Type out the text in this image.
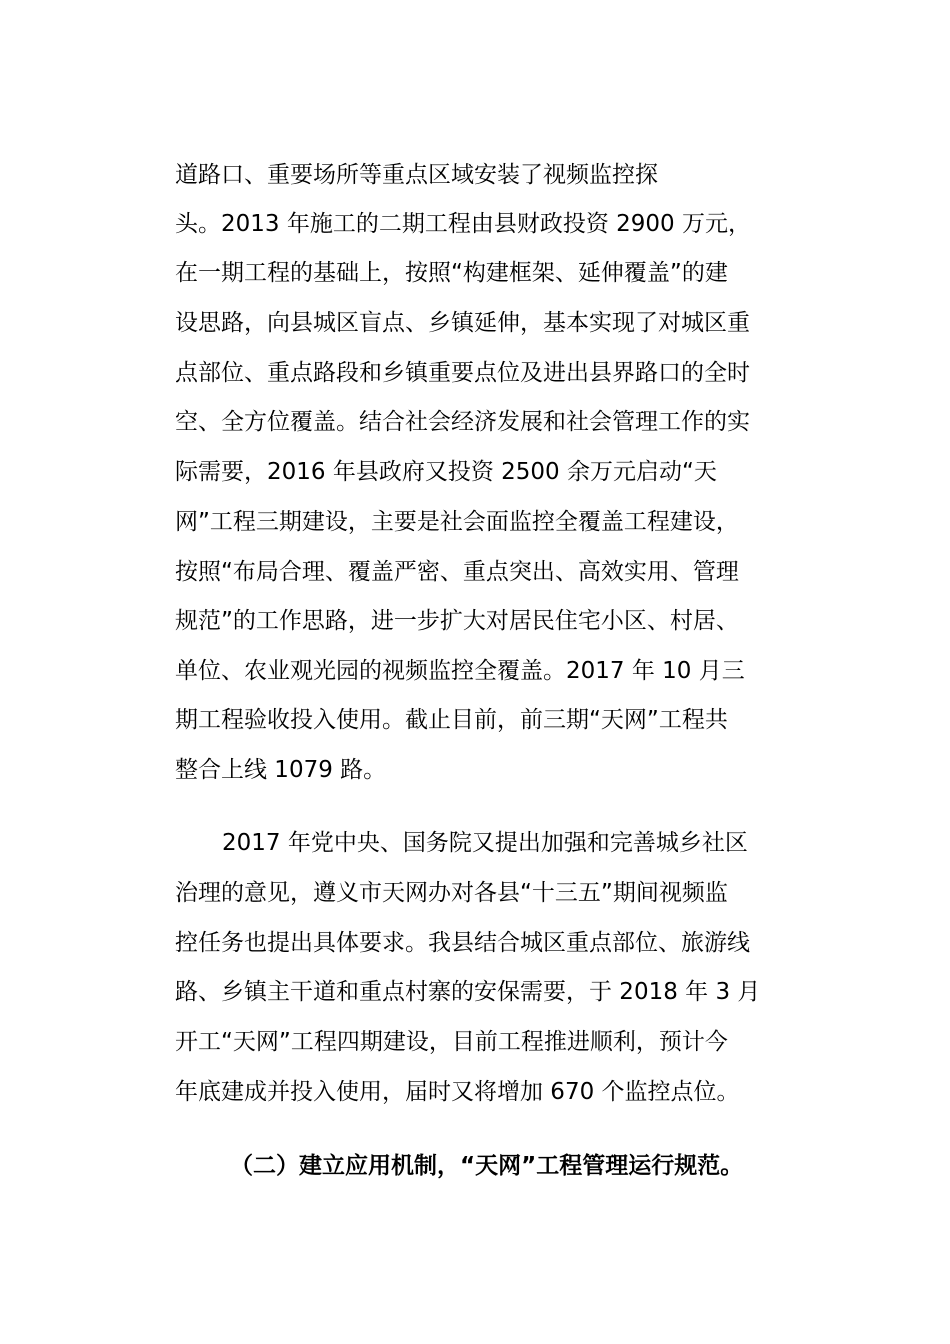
道路口、重要场所等重点区域安装了视频监控探
头。2013 年施工的二期工程由县财政投资 2900 万元，
在一期工程的基础上，按照“构建框架、延伸覆盖”的建
设思路，向县城区盲点、乡镇延伸，基本实现了对城区重
点部位、重点路段和乡镇重要点位及进出县界路口的全时
空、全方位覆盖。结合社会经济发展和社会管理工作的实
际需要，2016 年县政府又投资 2500 余万元启动“天
网”工程三期建设，主要是社会面监控全覆盖工程建设，
按照“布局合理、覆盖严密、重点突出、高效实用、管理
规范”的工作思路，进一步扩大对居民住宅小区、村居、
单位、农业观光园的视频监控全覆盖。2017 年 10 月三
期工程验收投入使用。截止目前，前三期“天网”工程共
整合上线 1079 路。
2017 年党中央、国务院又提出加强和完善城乡社区
治理的意见，遵义市天网办对各县“十三五”期间视频监
控任务也提出具体要求。我县结合城区重点部位、旅游线
路、乡镇主干道和重点村寨的安保需要，于 2018 年 3 月
开工“天网”工程四期建设，目前工程推进顺利，预计今
年底建成并投入使用，届时又将增加 670 个监控点位。
（二）建立应用机制，“天网”工程管理运行规范。
